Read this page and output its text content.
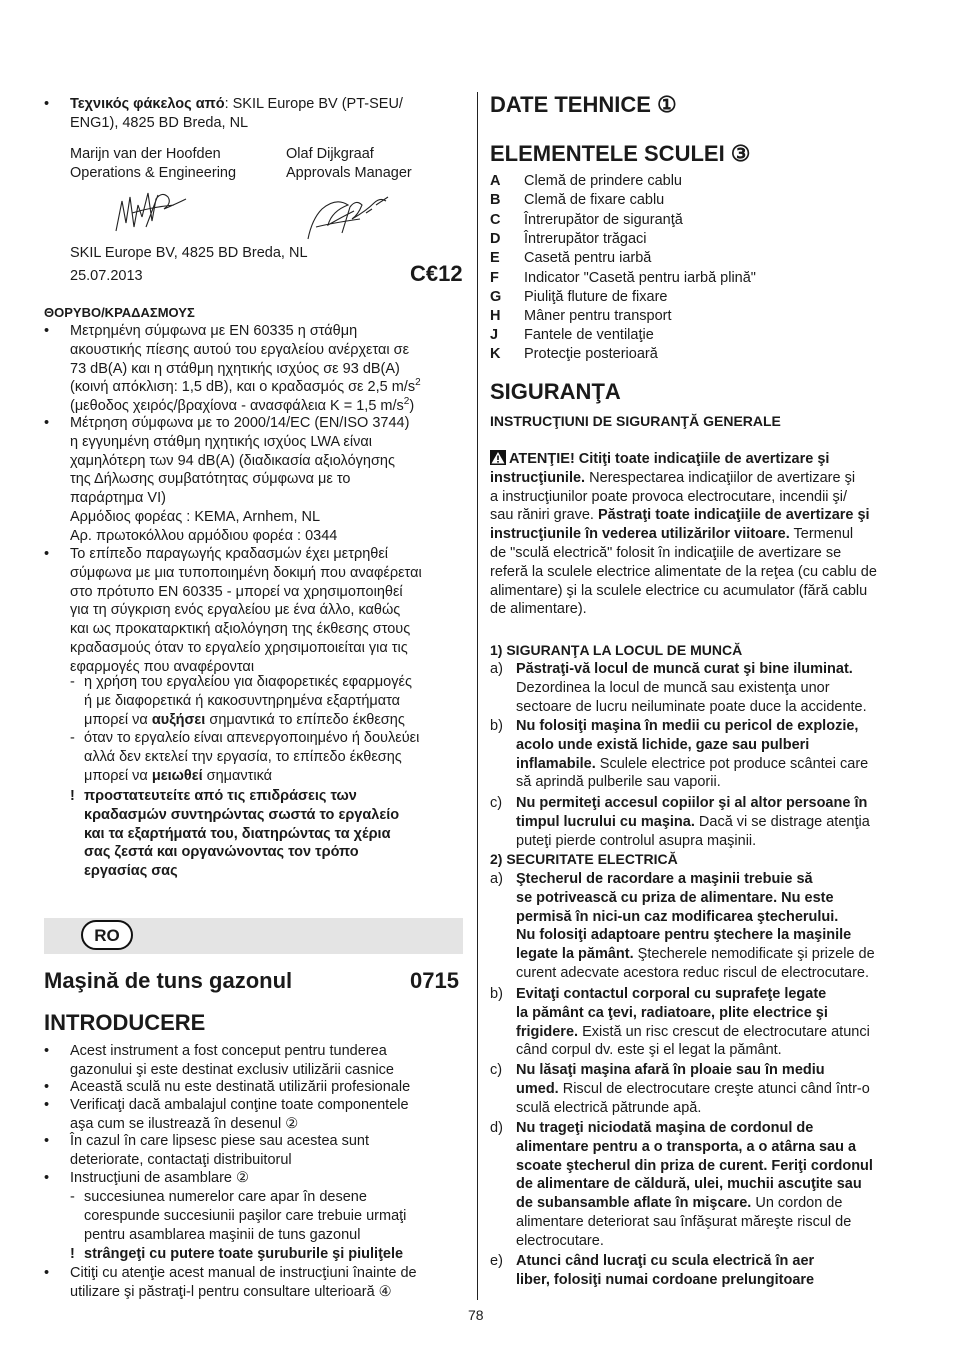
• Τεχνικός φάκελος από: SKIL Europe BV (PT-SEU/
ENG1), 4825 BD Breda, NL
Marijn van der Hoofden
Operations & Engineering
Olaf Dijkgraaf
Approvals Manager
SKIL Europe BV, 4825 BD Breda, NL
25.07.2013	C€12
ΘΟΡΥΒΟ/ΚΡΑΔΑΣΜΟΥΣ
• Μετρημένη σύμφωνα με EN 60335 η στάθμη
ακουστικής πίεσης αυτού του εργαλείου ανέρχεται σε
73 dB(A) και η στάθμη ηχητικής ισχύος σε 93 dB(A)
(κοινή απόκλιση: 1,5 dB), και ο κραδασμός σε 2,5 $m/s^2$
(μεθοδος χειρός/βραχίονα - ανασφάλεια K = 1,5 $m/s^2$)
• Μέτρηση σύμφωνα με το 2000/14/EC (EN/ISO 3744)
η εγγυημένη στάθμη ηχητικής ισχύος LWA είναι
χαμηλότερη των 94 dB(A) (διαδικασία αξιολόγησης
της Δήλωσης συμβατότητας σύμφωνα με το
παράρτημα VI)
Αρμόδιος φορέας : KEMA, Arnhem, NL
Αρ. πρωτοκόλλου αρμόδιου φορέα : 0344
• Το επίπεδο παραγωγής κραδασμών έχει μετρηθεί
σύμφωνα με μια τυποποιημένη δοκιμή που αναφέρεται
στο πρότυπο EN 60335 - μπορεί να χρησιμοποιηθεί
για τη σύγκριση ενός εργαλείου με ένα άλλο, καθώς
και ως προκαταρκτική αξιολόγηση της έκθεσης στους
κραδασμούς όταν το εργαλείο χρησιμοποιείται για τις
εφαρμογές που αναφέρονται
- η χρήση του εργαλείου για διαφορετικές εφαρμογές
ή με διαφορετικά ή κακοσυντηρημένα εξαρτήματα
μπορεί να αυξήσει σημαντικά το επίπεδο έκθεσης
- όταν το εργαλείο είναι απενεργοποιημένο ή δουλεύει
αλλά δεν εκτελεί την εργασία, το επίπεδο έκθεσης
μπορεί να μειωθεί σημαντικά
! προστατευτείτε από τις επιδράσεις των
κραδασμών συντηρώντας σωστά το εργαλείο
και τα εξαρτήματά του, διατηρώντας τα χέρια
σας ζεστά και οργανώνοντας τον τρόπο
εργασίας σας
RO
Maşină de tuns gazonul	0715
INTRODUCERE
• Acest instrument a fost conceput pentru tunderea
gazonului şi este destinat exclusiv utilizării casnice
• Această sculă nu este destinată utilizării profesionale
• Verificaţi dacă ambalajul conţine toate componentele
aşa cum se ilustrează în desenul ②
• În cazul în care lipsesc piese sau acestea sunt
deteriorate, contactaţi distribuitorul
• Instrucţiuni de asamblare ②
- succesiunea numerelor care apar în desene
corespunde succesiunii paşilor care trebuie urmaţi
pentru asamblarea maşinii de tuns gazonul
! strângeţi cu putere toate şuruburile şi piuliţele
• Citiţi cu atenţie acest manual de instrucţiuni înainte de
utilizare şi păstraţi-l pentru consultare ulterioară ④
DATE TEHNICE ①
ELEMENTELE SCULEI ③
A Clemă de prindere cablu
B Clemă de fixare cablu
C Întrerupător de siguranţă
D Întrerupător trăgaci
E Casetă pentru iarbă
F Indicator "Casetă pentru iarbă plină"
G Piuliţă fluture de fixare
H Mâner pentru transport
J Fantele de ventilaţie
K Protecţie posterioară
SIGURANŢA
INSTRUCŢIUNI DE SIGURANŢĂ GENERALE
ATENŢIE! Citiţi toate indicaţiile de avertizare şi
instrucţiunile. Nerespectarea indicaţiilor de avertizare şi
a instrucţiunilor poate provoca electrocutare, incendii şi/
sau răniri grave. Păstraţi toate indicaţiile de avertizare şi
instrucţiunile în vederea utilizărilor viitoare. Termenul
de "sculă electrică" folosit în indicaţiile de avertizare se
referă la sculele electrice alimentate de la reţea (cu cablu de
alimentare) şi la sculele electrice cu acumulator (fără cablu
de alimentare).
1) SIGURANŢA LA LOCUL DE MUNCĂ
a) Păstraţi-vă locul de muncă curat şi bine iluminat.
Dezordinea la locul de muncă sau existenţa unor
sectoare de lucru neiluminate poate duce la accidente.
b) Nu folosiţi maşina în medii cu pericol de explozie,
acolo unde există lichide, gaze sau pulberi
inflamabile. Sculele electrice pot produce scântei care
să aprindă pulberile sau vaporii.
c) Nu permiteţi accesul copiilor şi al altor persoane în
timpul lucrului cu maşina. Dacă vi se distrage atenţia
puteţi pierde controlul asupra maşinii.
2) SECURITATE ELECTRICĂ
a) Ştecherul de racordare a maşinii trebuie să
se potrivească cu priza de alimentare. Nu este
permisă în nici-un caz modificarea ştecherului.
Nu folosiţi adaptoare pentru ştechere la maşinile
legate la pământ. Ştecherele nemodificate şi prizele de
curent adecvate acestora reduc riscul de electrocutare.
b) Evitaţi contactul corporal cu suprafeţe legate
la pământ ca ţevi, radiatoare, plite electrice şi
frigidere. Există un risc crescut de electrocutare atunci
când corpul dv. este şi el legat la pământ.
c) Nu lăsaţi maşina afară în ploaie sau în mediu
umed. Riscul de electrocutare creşte atunci când într-o
sculă electrică pătrunde apă.
d) Nu trageţi niciodată maşina de cordonul de
alimentare pentru a o transporta, a o atârna sau a
scoate ştecherul din priza de curent. Feriţi cordonul
de alimentare de căldură, ulei, muchii ascuţite sau
de subansamble aflate în mişcare. Un cordon de
alimentare deteriorat sau înfăşurat măreşte riscul de
electrocutare.
e) Atunci când lucraţi cu scula electrică în aer
liber, folosiţi numai cordoane prelungitoare
78
